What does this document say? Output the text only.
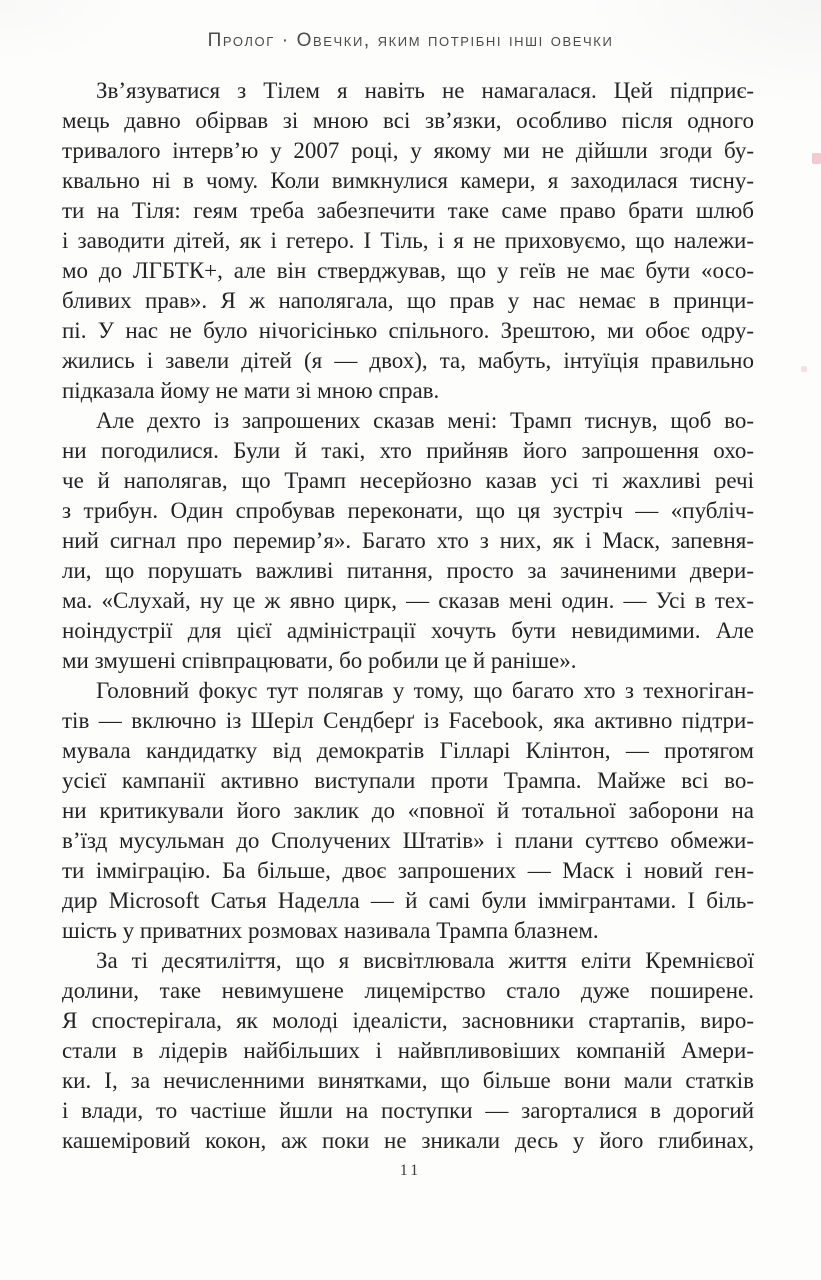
Пролог · Овечки, яким потрібні інші овечки
Зв’язуватися з Тілем я навіть не намагалася. Цей підприє-
мець давно обірвав зі мною всі зв’язки, особливо після одного
тривалого інтерв’ю у 2007 році, у якому ми не дійшли згоди бу-
квально ні в чому. Коли вимкнулися камери, я заходилася тисну-
ти на Тіля: геям треба забезпечити таке саме право брати шлюб
і заводити дітей, як і гетеро. І Тіль, і я не приховуємо, що належи-
мо до ЛГБТК+, але він стверджував, що у геїв не має бути «осо-
бливих прав». Я ж наполягала, що прав у нас немає в принци-
пі. У нас не було нічогісінько спільного. Зрештою, ми обоє одру-
жились і завели дітей (я — двох), та, мабуть, інтуїція правильно
підказала йому не мати зі мною справ.
Але дехто із запрошених сказав мені: Трамп тиснув, щоб во-
ни погодилися. Були й такі, хто прийняв його запрошення охо-
че й наполягав, що Трамп несерйозно казав усі ті жахливі речі
з трибун. Один спробував переконати, що ця зустріч — «публіч-
ний сигнал про перемир’я». Багато хто з них, як і Маск, запевня-
ли, що порушать важливі питання, просто за зачиненими двери-
ма. «Слухай, ну це ж явно цирк, — сказав мені один. — Усі в тех-
ноіндустрії для цієї адміністрації хочуть бути невидимими. Але
ми змушені співпрацювати, бо робили це й раніше».
Головний фокус тут полягав у тому, що багато хто з техногіган-
тів — включно із Шеріл Сендберґ із Facebook, яка активно підтри-
мувала кандидатку від демократів Гілларі Клінтон, — протягом
усієї кампанії активно виступали проти Трампа. Майже всі во-
ни критикували його заклик до «повної й тотальної заборони на
в’їзд мусульман до Сполучених Штатів» і плани суттєво обмежи-
ти імміграцію. Ба більше, двоє запрошених — Маск і новий ген-
дир Microsoft Сатья Наделла — й самі були іммігрантами. І біль-
шість у приватних розмовах називала Трампа блазнем.
За ті десятиліття, що я висвітлювала життя еліти Кремнієвої
долини, таке невимушене лицемірство стало дуже поширене.
Я спостерігала, як молоді ідеалісти, засновники стартапів, виро-
стали в лідерів найбільших і найвпливовіших компаній Амери-
ки. І, за нечисленними винятками, що більше вони мали статків
і влади, то частіше йшли на поступки — загорталися в дорогий
кашеміровий кокон, аж поки не зникали десь у його глибинах,
11
